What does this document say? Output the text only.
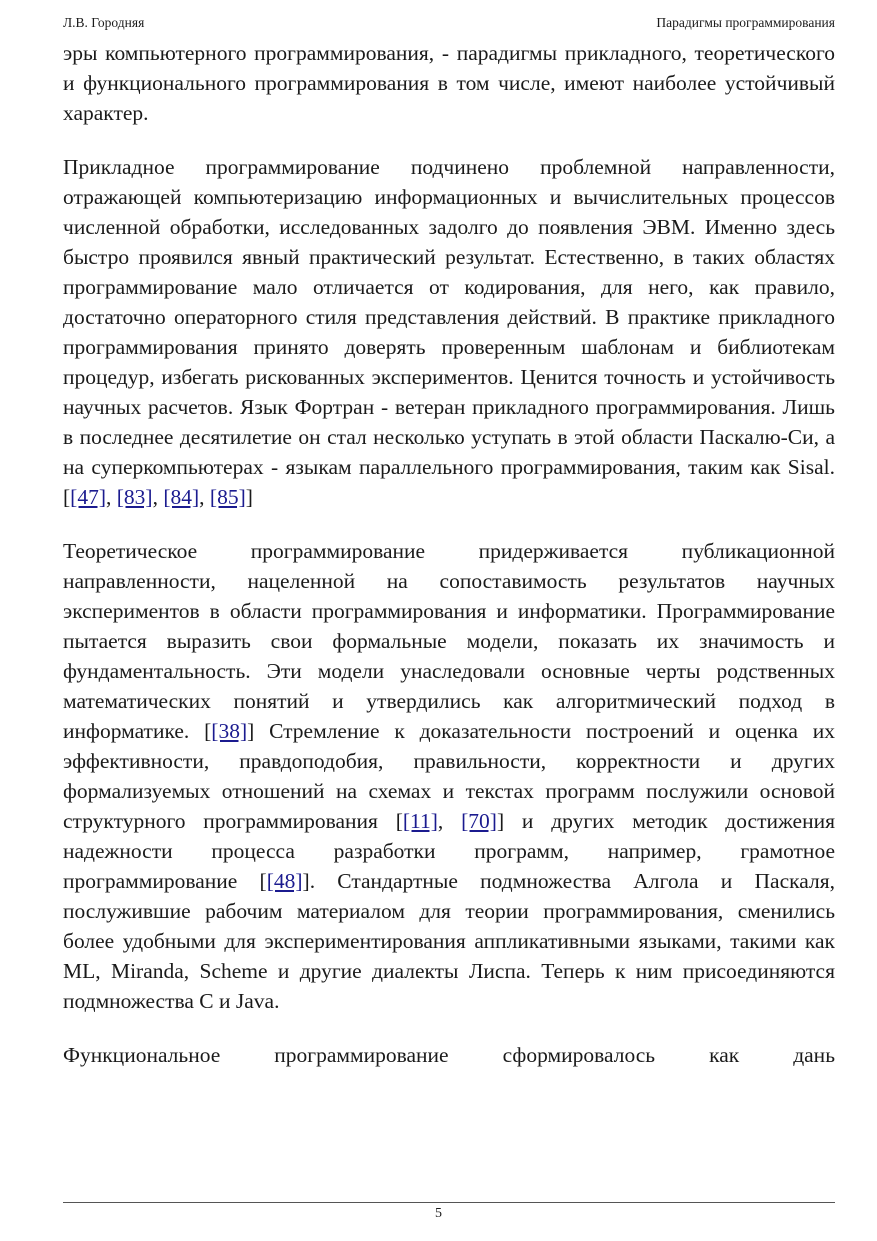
Л.В. Городняя	Парадигмы программирования

эры компьютерного программирования, - парадигмы прикладного, теоретического и функционального программирования в том числе, имеют наиболее устойчивый характер.

Прикладное программирование подчинено проблемной направленности, отражающей компьютеризацию информационных и вычислительных процессов численной обработки, исследованных задолго до появления ЭВМ. Именно здесь быстро проявился явный практический результат. Естественно, в таких областях программирование мало отличается от кодирования, для него, как правило, достаточно операторного стиля представления действий. В практике прикладного программирования принято доверять проверенным шаблонам и библиотекам процедур, избегать рискованных экспериментов. Ценится точность и устойчивость научных расчетов. Язык Фортран - ветеран прикладного программирования. Лишь в последнее десятилетие он стал несколько уступать в этой области Паскалю-Си, а на суперкомпьютерах - языкам параллельного программирования, таким как Sisal. [[47], [83], [84], [85]]

Теоретическое программирование придерживается публикационной направленности, нацеленной на сопоставимость результатов научных экспериментов в области программирования и информатики. Программирование пытается выразить свои формальные модели, показать их значимость и фундаментальность. Эти модели унаследовали основные черты родственных математических понятий и утвердились как алгоритмический подход в информатике. [[38]] Стремление к доказательности построений и оценка их эффективности, правдоподобия, правильности, корректности и других формализуемых отношений на схемах и текстах программ послужили основой структурного программирования [[11], [70]] и других методик достижения надежности процесса разработки программ, например, грамотное программирование [[48]]. Стандартные подмножества Алгола и Паскаля, послужившие рабочим материалом для теории программирования, сменились более удобными для экспериментирования аппликативными языками, такими как ML, Miranda, Scheme и другие диалекты Лиспа. Теперь к ним присоединяются подмножества С и Java.

Функциональное программирование сформировалось как дань

5
